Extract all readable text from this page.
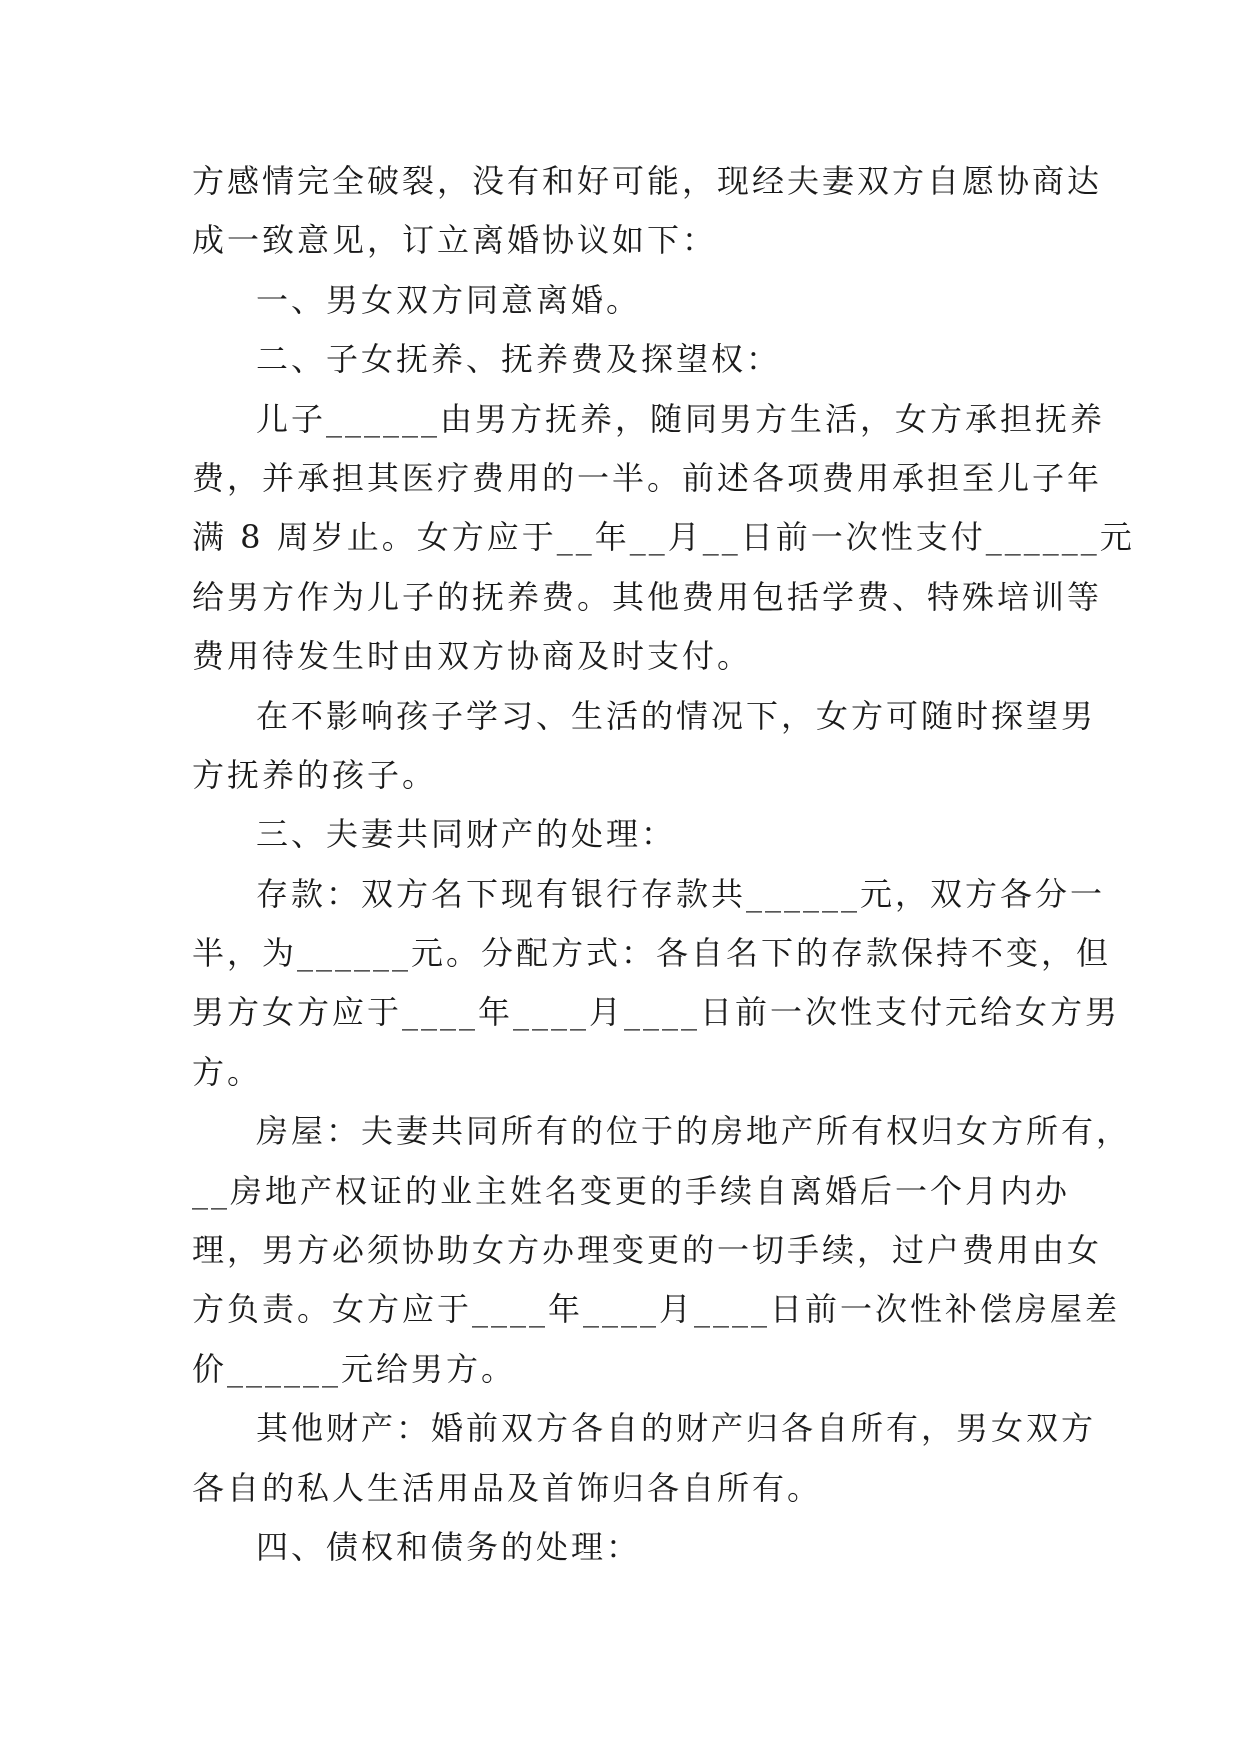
方感情完全破裂，没有和好可能，现经夫妻双方自愿协商达
成一致意见，订立离婚协议如下：
一、男女双方同意离婚。
二、子女抚养、抚养费及探望权：
儿子______由男方抚养，随同男方生活，女方承担抚养
费，并承担其医疗费用的一半。前述各项费用承担至儿子年
满 8 周岁止。女方应于__年__月__日前一次性支付______元
给男方作为儿子的抚养费。其他费用包括学费、特殊培训等
费用待发生时由双方协商及时支付。
在不影响孩子学习、生活的情况下，女方可随时探望男
方抚养的孩子。
三、夫妻共同财产的处理：
存款：双方名下现有银行存款共______元，双方各分一
半，为______元。分配方式：各自名下的存款保持不变，但
男方女方应于____年____月____日前一次性支付元给女方男
方。
房屋：夫妻共同所有的位于的房地产所有权归女方所有，
__房地产权证的业主姓名变更的手续自离婚后一个月内办
理，男方必须协助女方办理变更的一切手续，过户费用由女
方负责。女方应于____年____月____日前一次性补偿房屋差
价______元给男方。
其他财产：婚前双方各自的财产归各自所有，男女双方
各自的私人生活用品及首饰归各自所有。
四、债权和债务的处理：
